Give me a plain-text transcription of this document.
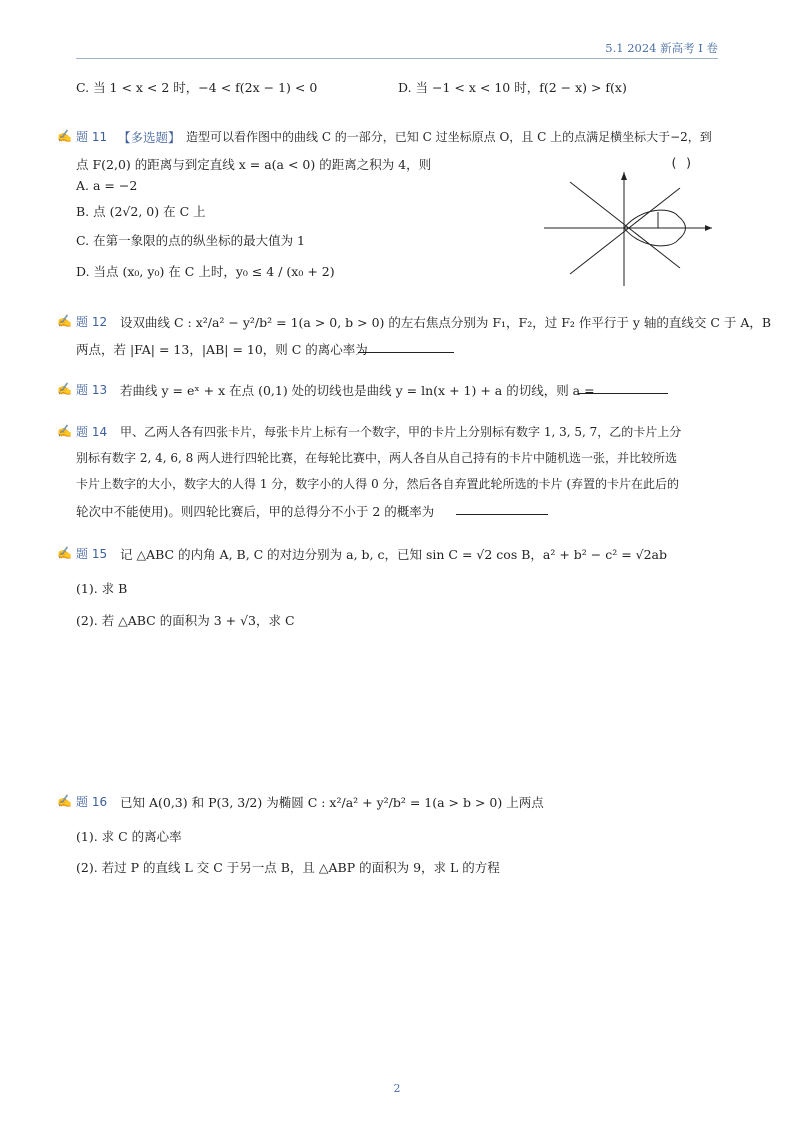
5.1 2024 新高考 I 卷
C. 当 1 < x < 2 时，−4 < f(2x − 1) < 0	D. 当 −1 < x < 10 时，f(2 − x) > f(x)
✍ 题 11 【多选题】 造型可以看作图中的曲线 C 的一部分，已知 C 过坐标原点 O，且 C 上的点满足横坐标大于−2，到
点 F(2,0) 的距离与到定直线 x = a(a < 0) 的距离之积为 4，则	( )
A. a = −2
B. 点 (2√2, 0) 在 C 上
C. 在第一象限的点的纵坐标的最大值为 1
D. 当点 (x₀, y₀) 在 C 上时，y₀ ≤ 4 / (x₀ + 2)
✍ 题 12 设双曲线 C : x²/a² − y²/b² = 1(a > 0, b > 0) 的左右焦点分别为 F₁，F₂，过 F₂ 作平行于 y 轴的直线交 C 于 A，B
两点，若 |FA| = 13，|AB| = 10，则 C 的离心率为
✍ 题 13 若曲线 y = eˣ + x 在点 (0,1) 处的切线也是曲线 y = ln(x + 1) + a 的切线，则 a =
✍ 题 14 甲、乙两人各有四张卡片，每张卡片上标有一个数字，甲的卡片上分别标有数字 1, 3, 5, 7，乙的卡片上分
别标有数字 2, 4, 6, 8 两人进行四轮比赛，在每轮比赛中，两人各自从自己持有的卡片中随机选一张，并比较所选
卡片上数字的大小，数字大的人得 1 分，数字小的人得 0 分，然后各自弃置此轮所选的卡片 (弃置的卡片在此后的
轮次中不能使用)。则四轮比赛后，甲的总得分不小于 2 的概率为
✍ 题 15 记 △ABC 的内角 A, B, C 的对边分别为 a, b, c，已知 sin C = √2 cos B，a² + b² − c² = √2ab
(1). 求 B
(2). 若 △ABC 的面积为 3 + √3，求 C
✍ 题 16 已知 A(0,3) 和 P(3, 3/2) 为椭圆 C : x²/a² + y²/b² = 1(a > b > 0) 上两点
(1). 求 C 的离心率
(2). 若过 P 的直线 L 交 C 于另一点 B，且 △ABP 的面积为 9，求 L 的方程
2
